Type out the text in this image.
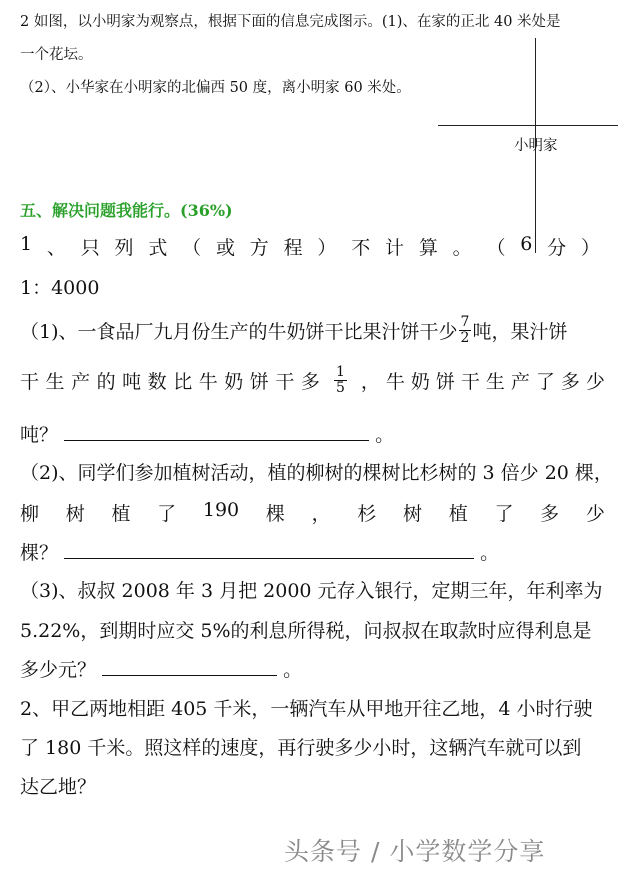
2 如图，以小明家为观察点，根据下面的信息完成图示。(1)、在家的正北 40 米处是
一个花坛。
（2）、小华家在小明家的北偏西 50 度，离小明家 60 米处。
小明家
五、解决问题我能行。(36%)
1 、 只 列 式 （ 或 方 程 ） 不 计 算 。 （ 6 分 ）
1：4000
（1)、一食品厂九月份生产的牛奶饼干比果汁饼干少 $\frac{7}{2}$ 吨，果汁饼
干 生 产 的 吨 数 比 牛 奶 饼 干 多 $\frac{1}{5}$ ， 牛 奶 饼 干 生 产 了 多 少
吨？	。
（2)、同学们参加植树活动，植的柳树的棵树比杉树的 3 倍少 20 棵，
柳 树 植 了 190 棵 ， 杉 树 植 了 多 少
棵？	。
（3)、叔叔 2008 年 3 月把 2000 元存入银行，定期三年，年利率为
5.22%，到期时应交 5%的利息所得税，问叔叔在取款时应得利息是
多少元？	。
2、甲乙两地相距 405 千米，一辆汽车从甲地开往乙地，4 小时行驶
了 180 千米。照这样的速度，再行驶多少小时，这辆汽车就可以到
达乙地？
头条号 / 小学数学分享
